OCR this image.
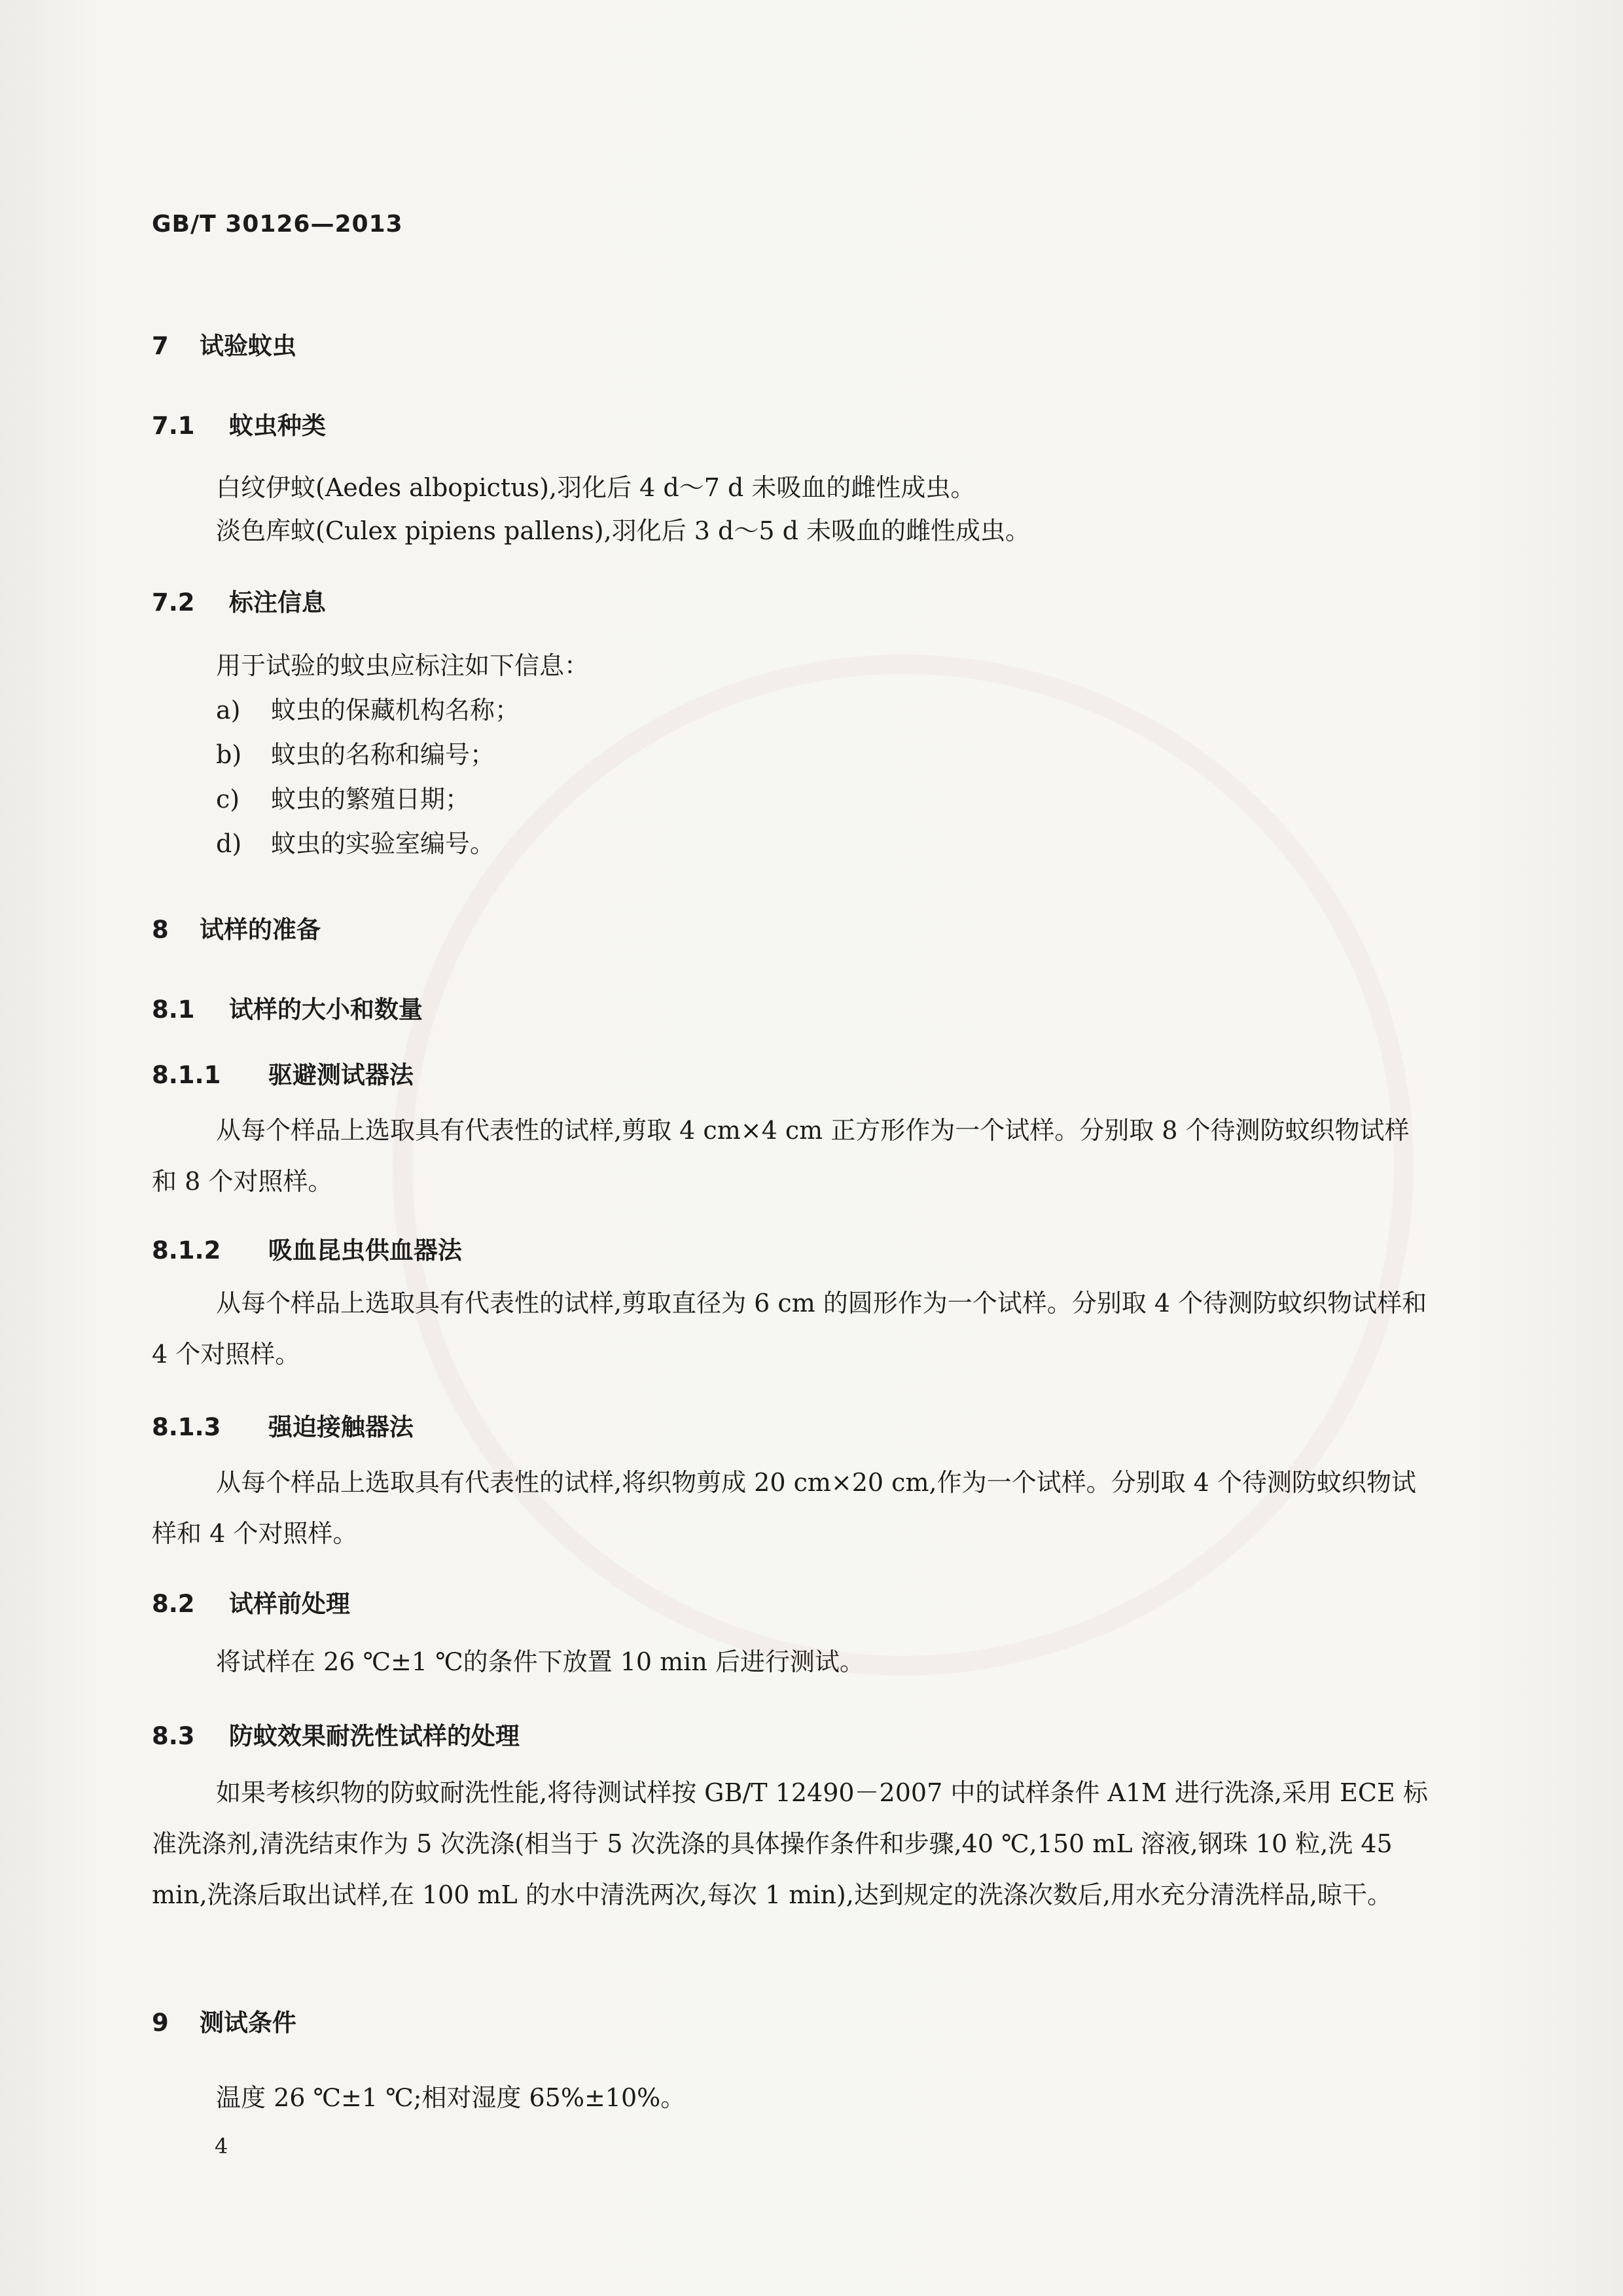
GB/T 30126—2013
7 试验蚊虫
7.1 蚊虫种类
白纹伊蚊(Aedes albopictus),羽化后 4 d～7 d 未吸血的雌性成虫。
淡色库蚊(Culex pipiens pallens),羽化后 3 d～5 d 未吸血的雌性成虫。
7.2 标注信息
用于试验的蚊虫应标注如下信息：
a) 蚊虫的保藏机构名称；
b) 蚊虫的名称和编号；
c) 蚊虫的繁殖日期；
d) 蚊虫的实验室编号。
8 试样的准备
8.1 试样的大小和数量
8.1.1 驱避测试器法
从每个样品上选取具有代表性的试样,剪取 4 cm×4 cm 正方形作为一个试样。分别取 8 个待测防蚊织物试样和 8 个对照样。
8.1.2 吸血昆虫供血器法
从每个样品上选取具有代表性的试样,剪取直径为 6 cm 的圆形作为一个试样。分别取 4 个待测防蚊织物试样和 4 个对照样。
8.1.3 强迫接触器法
从每个样品上选取具有代表性的试样,将织物剪成 20 cm×20 cm,作为一个试样。分别取 4 个待测防蚊织物试样和 4 个对照样。
8.2 试样前处理
将试样在 26 ℃±1 ℃的条件下放置 10 min 后进行测试。
8.3 防蚊效果耐洗性试样的处理
如果考核织物的防蚊耐洗性能,将待测试样按 GB/T 12490－2007 中的试样条件 A1M 进行洗涤,采用 ECE 标准洗涤剂,清洗结束作为 5 次洗涤(相当于 5 次洗涤的具体操作条件和步骤,40 ℃,150 mL 溶液,钢珠 10 粒,洗 45 min,洗涤后取出试样,在 100 mL 的水中清洗两次,每次 1 min),达到规定的洗涤次数后,用水充分清洗样品,晾干。
9 测试条件
温度 26 ℃±1 ℃;相对湿度 65%±10%。
4
